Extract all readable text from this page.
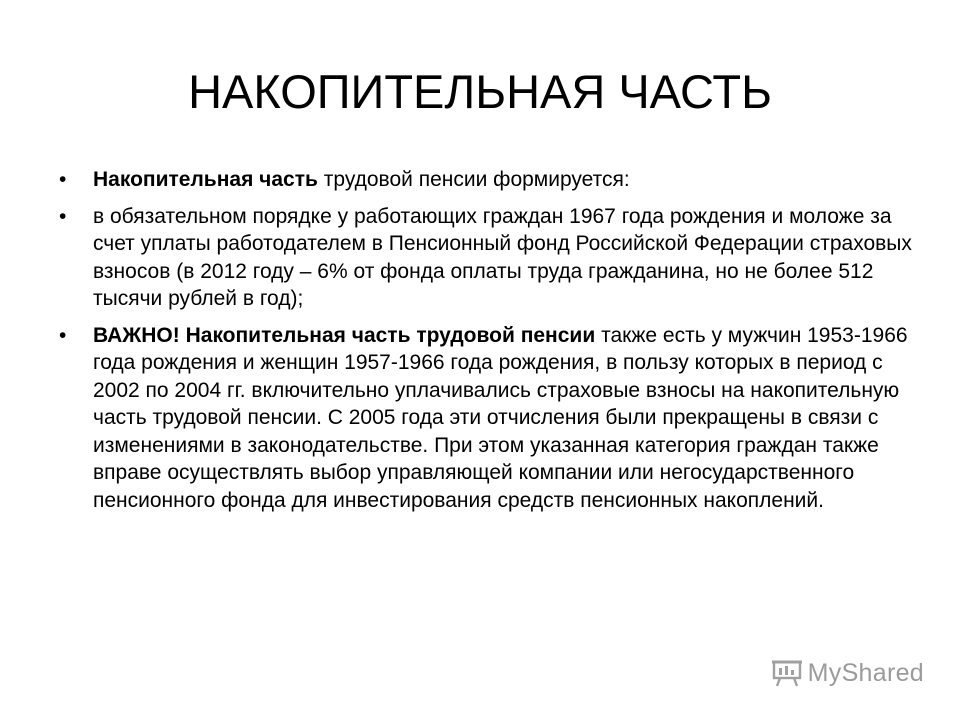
НАКОПИТЕЛЬНАЯ ЧАСТЬ
• Накопительная часть трудовой пенсии формируется:
• в обязательном порядке у работающих граждан 1967 года рождения и моложе за счет уплаты работодателем в Пенсионный фонд Российской Федерации страховых взносов (в 2012 году – 6% от фонда оплаты труда гражданина, но не более 512 тысячи рублей в год);
• ВАЖНО! Накопительная часть трудовой пенсии также есть у мужчин 1953-1966 года рождения и женщин 1957-1966 года рождения, в пользу которых в период с 2002 по 2004 гг. включительно уплачивались страховые взносы на накопительную часть трудовой пенсии. С 2005 года эти отчисления были прекращены в связи с изменениями в законодательстве. При этом указанная категория граждан также вправе осуществлять выбор управляющей компании или негосударственного пенсионного фонда для инвестирования средств пенсионных накоплений.
MyShared
